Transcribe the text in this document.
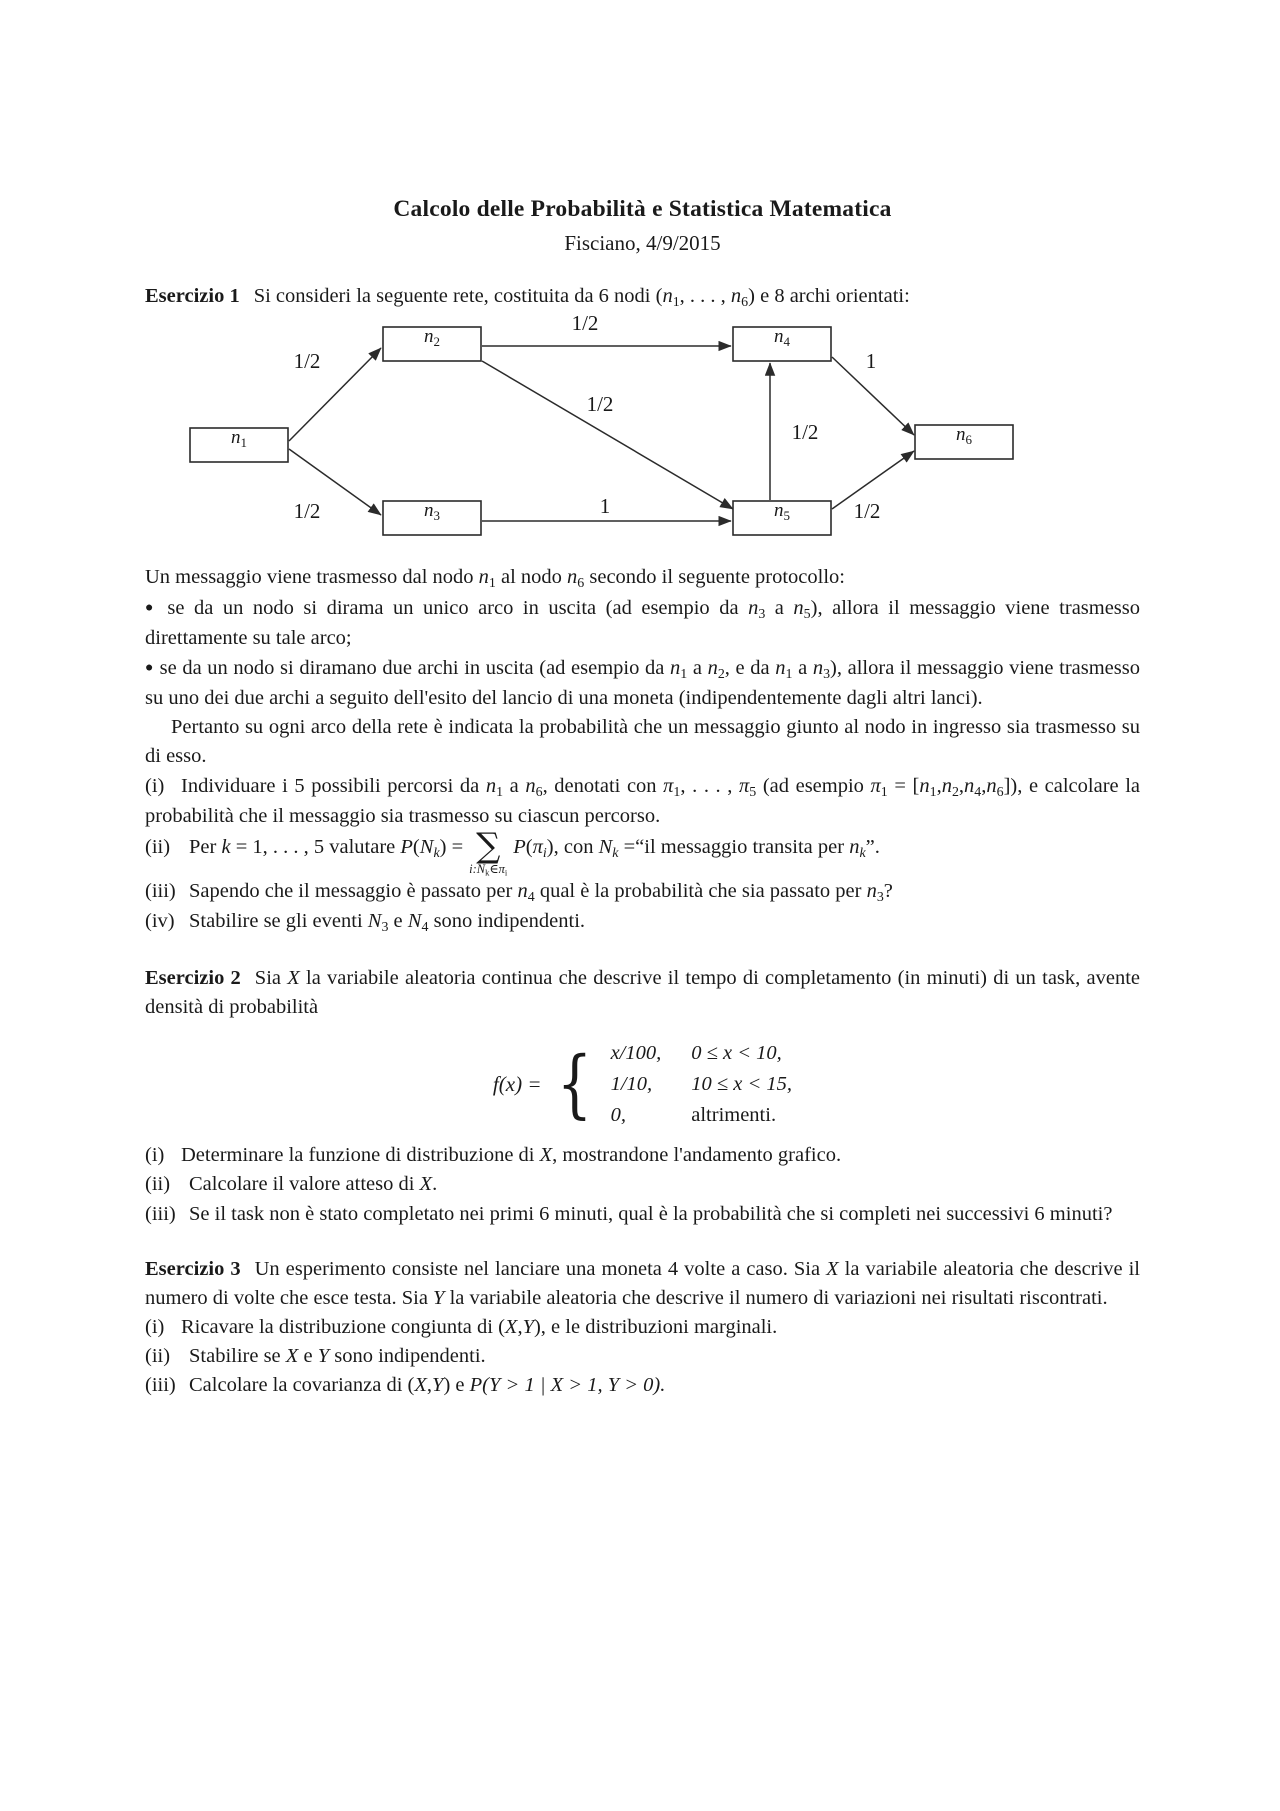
Calcolo delle Probabilità e Statistica Matematica
Fisciano, 4/9/2015

Esercizio 1 Si consideri la seguente rete, costituita da 6 nodi ($n_1$, . . . , $n_6$) e 8 archi orientati:

$n_1$
$n_2$
$n_3$
$n_4$
$n_5$
$n_6$
1/2
1/2
1/2
1/2
1
1/2
1
1/2

Un messaggio viene trasmesso dal nodo $n_1$ al nodo $n_6$ secondo il seguente protocollo:

● se da un nodo si dirama un unico arco in uscita (ad esempio da $n_3$ a $n_5$), allora il messaggio viene trasmesso direttamente su tale arco;

● se da un nodo si diramano due archi in uscita (ad esempio da $n_1$ a $n_2$, e da $n_1$ a $n_3$), allora il messaggio viene trasmesso su uno dei due archi a seguito dell'esito del lancio di una moneta (indipendentemente dagli altri lanci).

Pertanto su ogni arco della rete è indicata la probabilità che un messaggio giunto al nodo in ingresso sia trasmesso su di esso.

(i) Individuare i 5 possibili percorsi da $n_1$ a $n_6$, denotati con $\pi_1$, . . . , $\pi_5$ (ad esempio $\pi_1 = [n_1,n_2,n_4,n_6]$), e calcolare la probabilità che il messaggio sia trasmesso su ciascun percorso.

(ii) Per k = 1, . . . , 5 valutare $P(N_k)$ = ∑
$i:N_k\in\pi_i$
$P(\pi_i)$, con $N_k$ =“il messaggio transita per $n_k$”.

(iii) Sapendo che il messaggio è passato per $n_4$ qual è la probabilità che sia passato per $n_3$?

(iv) Stabilire se gli eventi $N_3$ e $N_4$ sono indipendenti.

Esercizio 2 Sia X la variabile aleatoria continua che descrive il tempo di completamento (in minuti) di un task, avente densità di probabilità

f(x) = { x/100, 0 ≤ x < 10,
1/10,	10 ≤ x < 15,
0,	altrimenti.

(i) Determinare la funzione di distribuzione di X, mostrandone l'andamento grafico.

(ii) Calcolare il valore atteso di X.

(iii) Se il task non è stato completato nei primi 6 minuti, qual è la probabilità che si completi nei successivi 6 minuti?

Esercizio 3 Un esperimento consiste nel lanciare una moneta 4 volte a caso. Sia X la variabile aleatoria che descrive il numero di volte che esce testa. Sia Y la variabile aleatoria che descrive il numero di variazioni nei risultati riscontrati.

(i) Ricavare la distribuzione congiunta di (X,Y), e le distribuzioni marginali.

(ii) Stabilire se X e Y sono indipendenti.

(iii) Calcolare la covarianza di (X,Y) e P(Y > 1 | X > 1, Y > 0).
